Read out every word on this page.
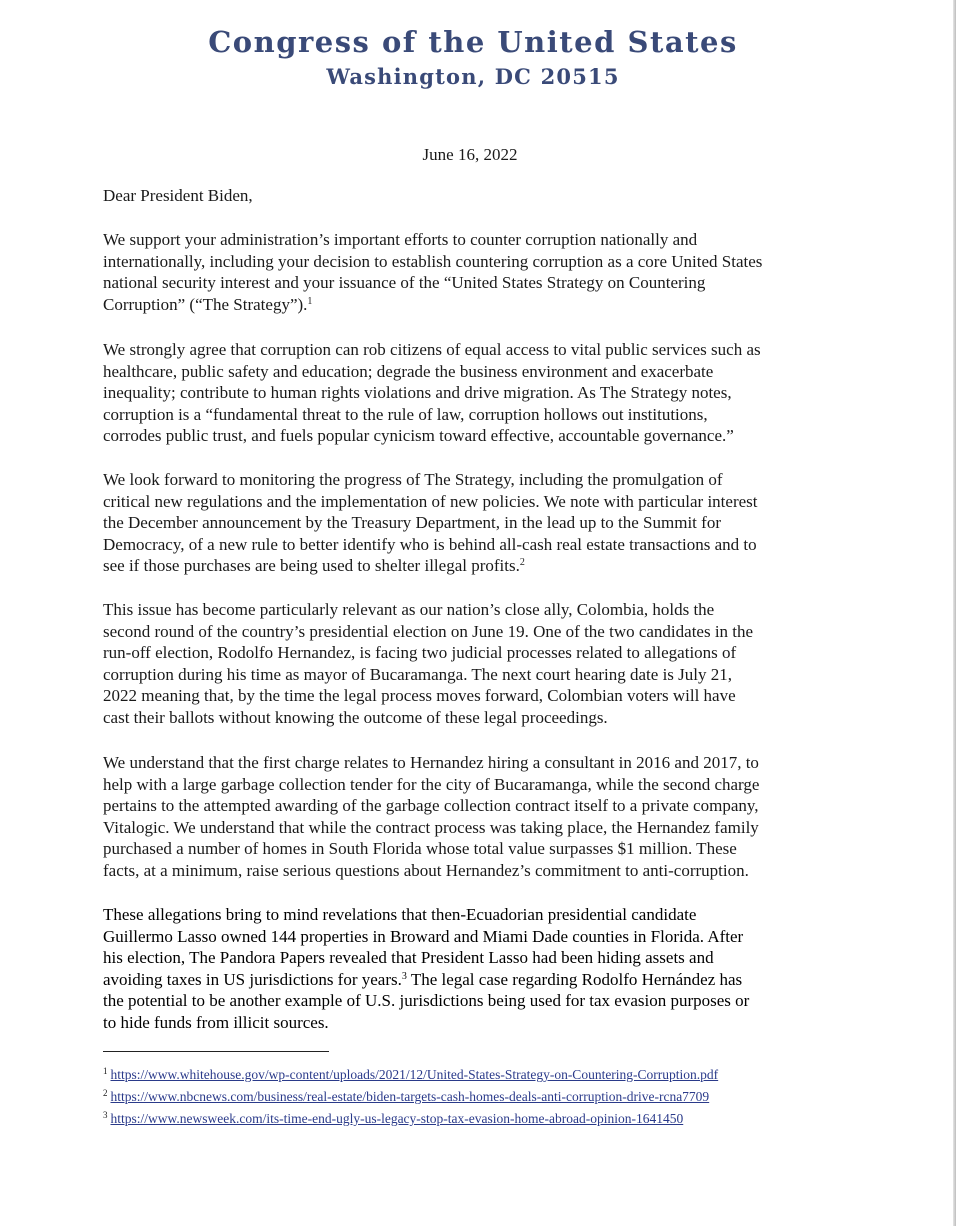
Congress of the United States
Washington, DC 20515
June 16, 2022
Dear President Biden,
We support your administration’s important efforts to counter corruption nationally and
internationally, including your decision to establish countering corruption as a core United States
national security interest and your issuance of the “United States Strategy on Countering
Corruption” (“The Strategy”).$^1$
We strongly agree that corruption can rob citizens of equal access to vital public services such as
healthcare, public safety and education; degrade the business environment and exacerbate
inequality; contribute to human rights violations and drive migration. As The Strategy notes,
corruption is a “fundamental threat to the rule of law, corruption hollows out institutions,
corrodes public trust, and fuels popular cynicism toward effective, accountable governance.”
We look forward to monitoring the progress of The Strategy, including the promulgation of
critical new regulations and the implementation of new policies. We note with particular interest
the December announcement by the Treasury Department, in the lead up to the Summit for
Democracy, of a new rule to better identify who is behind all-cash real estate transactions and to
see if those purchases are being used to shelter illegal profits.$^2$
This issue has become particularly relevant as our nation’s close ally, Colombia, holds the
second round of the country’s presidential election on June 19. One of the two candidates in the
run-off election, Rodolfo Hernandez, is facing two judicial processes related to allegations of
corruption during his time as mayor of Bucaramanga. The next court hearing date is July 21,
2022 meaning that, by the time the legal process moves forward, Colombian voters will have
cast their ballots without knowing the outcome of these legal proceedings.
We understand that the first charge relates to Hernandez hiring a consultant in 2016 and 2017, to
help with a large garbage collection tender for the city of Bucaramanga, while the second charge
pertains to the attempted awarding of the garbage collection contract itself to a private company,
Vitalogic. We understand that while the contract process was taking place, the Hernandez family
purchased a number of homes in South Florida whose total value surpasses $1 million. These
facts, at a minimum, raise serious questions about Hernandez’s commitment to anti-corruption.
These allegations bring to mind revelations that then-Ecuadorian presidential candidate
Guillermo Lasso owned 144 properties in Broward and Miami Dade counties in Florida. After
his election, The Pandora Papers revealed that President Lasso had been hiding assets and
avoiding taxes in US jurisdictions for years.$^3$ The legal case regarding Rodolfo Hernández has
the potential to be another example of U.S. jurisdictions being used for tax evasion purposes or
to hide funds from illicit sources.
$^1$ https://www.whitehouse.gov/wp-content/uploads/2021/12/United-States-Strategy-on-Countering-Corruption.pdf
$^2$ https://www.nbcnews.com/business/real-estate/biden-targets-cash-homes-deals-anti-corruption-drive-rcna7709
$^3$ https://www.newsweek.com/its-time-end-ugly-us-legacy-stop-tax-evasion-home-abroad-opinion-1641450
